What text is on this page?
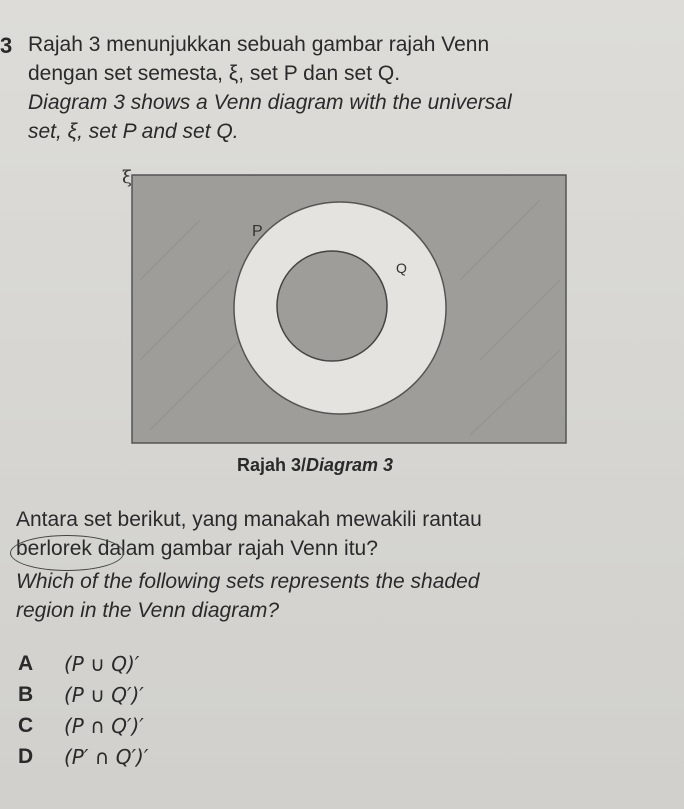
3 Rajah 3 menunjukkan sebuah gambar rajah Venn
dengan set semesta, ξ, set P dan set Q.

Diagram 3 shows a Venn diagram with the universal
set, ξ, set P and set Q.

ξ
P
Q
Rajah 3/Diagram 3

Antara set berikut, yang manakah mewakili rantau
berlorek dalam gambar rajah Venn itu?

Which of the following sets represents the shaded
region in the Venn diagram?

A	(P ∪ Q)′
B	(P ∪ Q′)′
C	(P ∩ Q′)′
D	(P′ ∩ Q′)′
